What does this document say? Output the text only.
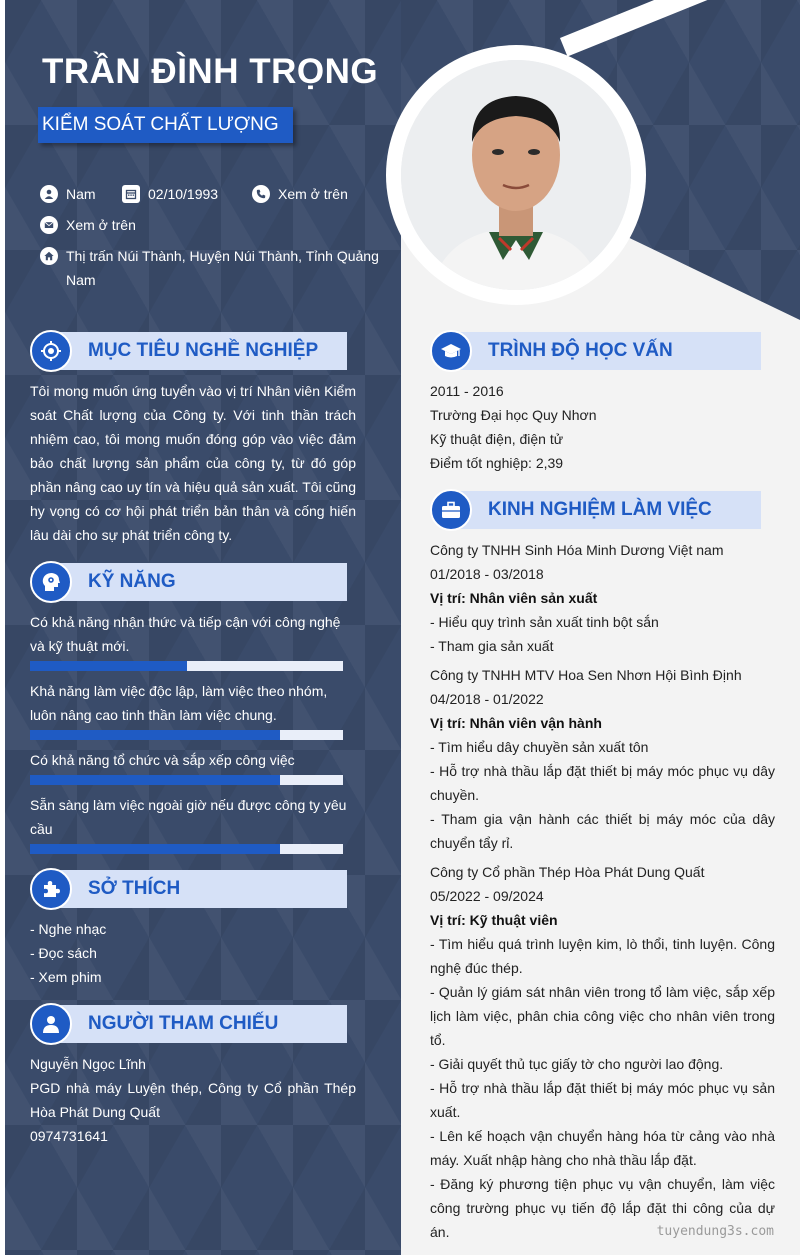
TRẦN ĐÌNH TRỌNG
KIỂM SOÁT CHẤT LƯỢNG
Nam	02/10/1993	Xem ở trên
Xem ở trên
Thị trấn Núi Thành, Huyện Núi Thành, Tỉnh Quảng Nam
MỤC TIÊU NGHỀ NGHIỆP
Tôi mong muốn ứng tuyển vào vị trí Nhân viên Kiểm soát Chất lượng của Công ty. Với tinh thần trách nhiệm cao, tôi mong muốn đóng góp vào việc đảm bảo chất lượng sản phẩm của công ty, từ đó góp phần nâng cao uy tín và hiệu quả sản xuất. Tôi cũng hy vọng có cơ hội phát triển bản thân và cống hiến lâu dài cho sự phát triển công ty.
KỸ NĂNG
Có khả năng nhận thức và tiếp cận với công nghệ và kỹ thuật mới.
Khả năng làm việc độc lập, làm việc theo nhóm, luôn nâng cao tinh thần làm việc chung.
Có khả năng tổ chức và sắp xếp công việc
Sẵn sàng làm việc ngoài giờ nếu được công ty yêu cầu
SỞ THÍCH
- Nghe nhạc
- Đọc sách
- Xem phim
NGƯỜI THAM CHIẾU
Nguyễn Ngọc Lĩnh
PGD nhà máy Luyện thép, Công ty Cổ phần Thép Hòa Phát Dung Quất
0974731641
TRÌNH ĐỘ HỌC VẤN
2011 - 2016
Trường Đại học Quy Nhơn
Kỹ thuật điện, điện tử
Điểm tốt nghiệp: 2,39
KINH NGHIỆM LÀM VIỆC
Công ty TNHH Sinh Hóa Minh Dương Việt nam
01/2018 - 03/2018
Vị trí: Nhân viên sản xuất
- Hiểu quy trình sản xuất tinh bột sắn
- Tham gia sản xuất
Công ty TNHH MTV Hoa Sen Nhơn Hội Bình Định
04/2018 - 01/2022
Vị trí: Nhân viên vận hành
- Tìm hiểu dây chuyền sản xuất tôn
- Hỗ trợ nhà thầu lắp đặt thiết bị máy móc phục vụ dây chuyền.
- Tham gia vận hành các thiết bị máy móc của dây chuyển tẩy rỉ.
Công ty Cổ phần Thép Hòa Phát Dung Quất
05/2022 - 09/2024
Vị trí: Kỹ thuật viên
- Tìm hiểu quá trình luyện kim, lò thổi, tinh luyện. Công nghệ đúc thép.
- Quản lý giám sát nhân viên trong tổ làm việc, sắp xếp lịch làm việc, phân chia công việc cho nhân viên trong tổ.
- Giải quyết thủ tục giấy tờ cho người lao động.
- Hỗ trợ nhà thầu lắp đặt thiết bị máy móc phục vụ sản xuất.
- Lên kế hoạch vận chuyển hàng hóa từ cảng vào nhà máy. Xuất nhập hàng cho nhà thầu lắp đặt.
- Đăng ký phương tiện phục vụ vận chuyển, làm việc công trường phục vụ tiến độ lắp đặt thi công của dự án.	tuyendung3s.com
